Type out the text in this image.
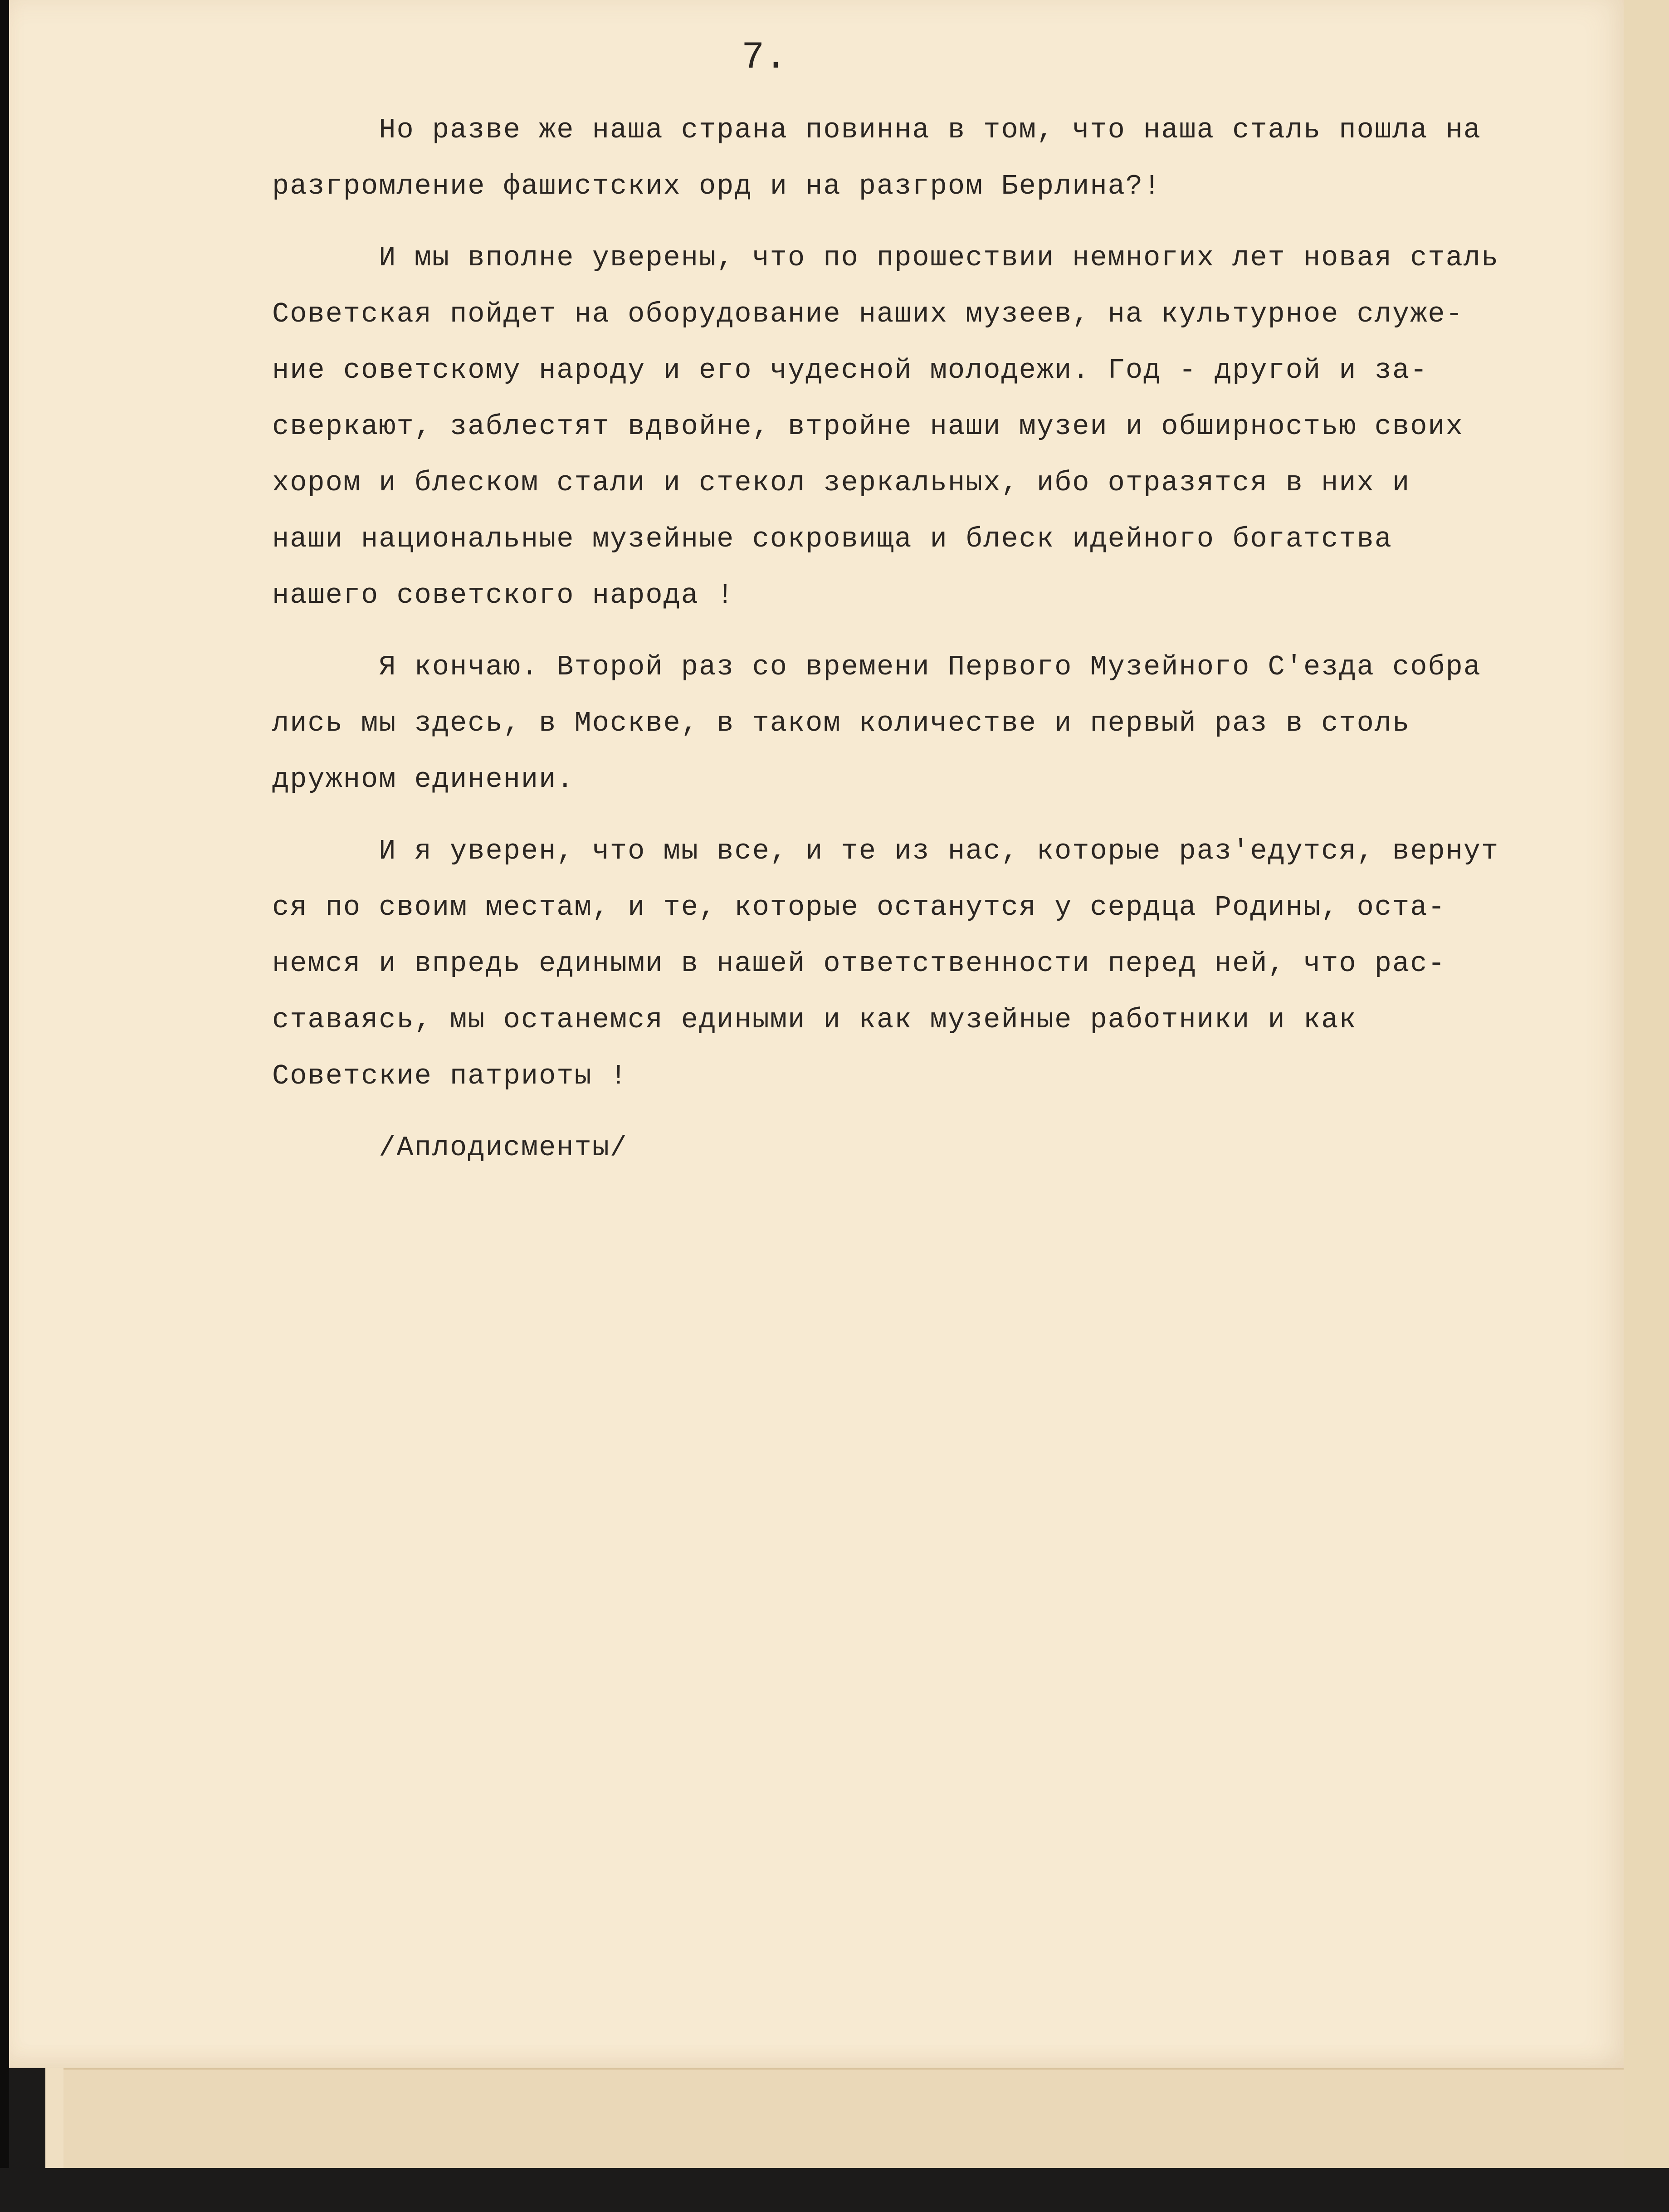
7.

Но разве же наша страна повинна в том, что наша сталь пошла на
разгромление фашистских орд и на разгром Берлина?!
И мы вполне уверены, что по прошествии немногих лет новая сталь
Советская пойдет на оборудование наших музеев, на культурное служе-
ние советскому народу и его чудесной молодежи. Год - другой и за-
сверкают, заблестят вдвойне, втройне наши музеи и обширностью своих
хором и блеском стали и стекол зеркальных, ибо отразятся в них и
наши национальные музейные сокровища и блеск идейного богатства
нашего советского народа !
Я кончаю. Второй раз со времени Первого Музейного С'езда собра
лись мы здесь, в Москве, в таком количестве и первый раз в столь
дружном единении.
И я уверен, что мы все, и те из нас, которые раз'едутся, вернут
ся по своим местам, и те, которые останутся у сердца Родины, оста-
немся и впредь едиными в нашей ответственности перед ней, что рас-
ставаясь, мы останемся едиными и как музейные работники и как
Советские патриоты !
/Аплодисменты/
